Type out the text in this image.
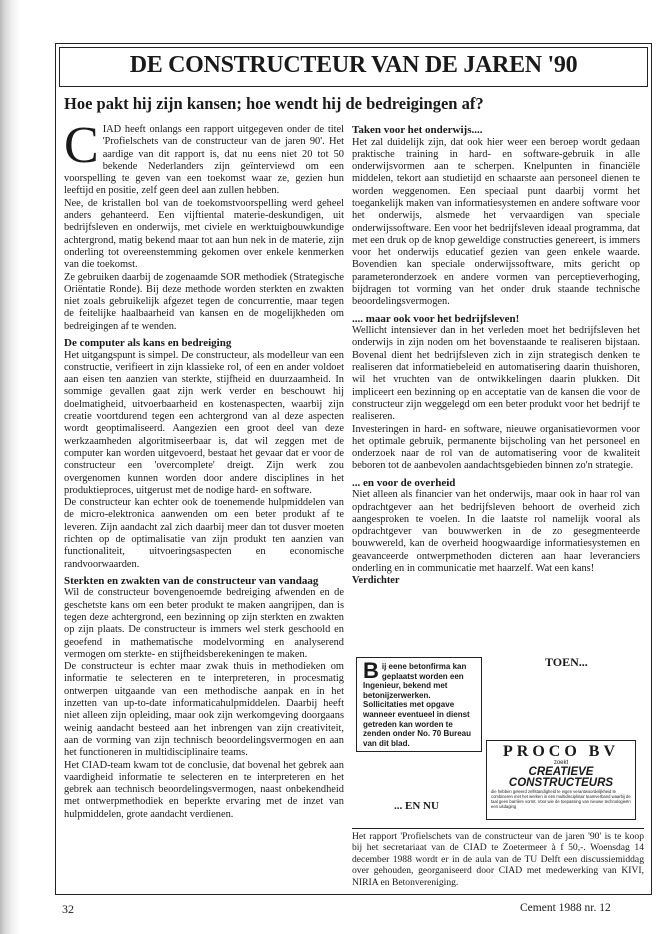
DE CONSTRUCTEUR VAN DE JAREN '90
Hoe pakt hij zijn kansen; hoe wendt hij de bedreigingen af?
C IAD heeft onlangs een rapport uitgegeven onder de titel 'Profielschets van de constructeur van de jaren 90'. Het aardige van dit rapport is, dat nu eens niet 20 tot 50 bekende Nederlanders zijn geïnterviewd om een voorspelling te geven van een toekomst waar ze, gezien hun leeftijd en positie, zelf geen deel aan zullen hebben.

Nee, de kristallen bol van de toekomstvoorspelling werd geheel anders gehanteerd. Een vijftiental materie-deskundigen, uit bedrijfsleven en onderwijs, met civiele en werktuigbouwkundige achtergrond, matig bekend maar tot aan hun nek in de materie, zijn onderling tot overeenstemming gekomen over enkele kenmerken van die toekomst.

Ze gebruiken daarbij de zogenaamde SOR methodiek (Strategische Oriëntatie Ronde). Bij deze methode worden sterkten en zwakten niet zoals gebruikelijk afgezet tegen de concurrentie, maar tegen de feitelijke haalbaarheid van kansen en de mogelijkheden om bedreigingen af te wenden.

De computer als kans en bedreiging

Het uitgangspunt is simpel. De constructeur, als modelleur van een constructie, verifieert in zijn klassieke rol, of een en ander voldoet aan eisen ten aanzien van sterkte, stijfheid en duurzaamheid. In sommige gevallen gaat zijn werk verder en beschouwt hij doelmatigheid, uitvoerbaarheid en kostenaspecten, waarbij zijn creatie voortdurend tegen een achtergrond van al deze aspecten wordt geoptimaliseerd. Aangezien een groot deel van deze werkzaamheden algoritmiseerbaar is, dat wil zeggen met de computer kan worden uitgevoerd, bestaat het gevaar dat er voor de constructeur een 'overcomplete' dreigt. Zijn werk zou overgenomen kunnen worden door andere disciplines in het produktieproces, uitgerust met de nodige hard- en software.

De constructeur kan echter ook de toenemende hulpmiddelen van de micro-elektronica aanwenden om een beter produkt af te leveren. Zijn aandacht zal zich daarbij meer dan tot dusver moeten richten op de optimalisatie van zijn produkt ten aanzien van functionaliteit, uitvoeringsaspecten en economische randvoorwaarden.

Sterkten en zwakten van de constructeur van vandaag

Wil de constructeur bovengenoemde bedreiging afwenden en de geschetste kans om een beter produkt te maken aangrijpen, dan is tegen deze achtergrond, een bezinning op zijn sterkten en zwakten op zijn plaats. De constructeur is immers wel sterk geschoold en geoefend in mathematische modelvorming en analyserend vermogen om sterkte- en stijfheidsberekeningen te maken.

De constructeur is echter maar zwak thuis in methodieken om informatie te selecteren en te interpreteren, in procesmatig ontwerpen uitgaande van een methodische aanpak en in het inzetten van up-to-date informaticahulpmiddelen. Daarbij heeft niet alleen zijn opleiding, maar ook zijn werkomgeving doorgaans weinig aandacht besteed aan het inbrengen van zijn creativiteit, aan de vorming van zijn technisch beoordelingsvermogen en aan het functioneren in multidisciplinaire teams.

Het CIAD-team kwam tot de conclusie, dat bovenal het gebrek aan vaardigheid informatie te selecteren en te interpreteren en het gebrek aan technisch beoordelingsvermogen, naast onbekendheid met ontwerpmethodiek en beperkte ervaring met de inzet van hulpmiddelen, grote aandacht verdienen.

Taken voor het onderwijs....

Het zal duidelijk zijn, dat ook hier weer een beroep wordt gedaan praktische training in hard- en software-gebruik in alle onderwijsvormen aan te scherpen. Knelpunten in financiële middelen, tekort aan studietijd en schaarste aan personeel dienen te worden weggenomen. Een speciaal punt daarbij vormt het toegankelijk maken van informatiesystemen en andere software voor het onderwijs, alsmede het vervaardigen van speciale onderwijssoftware. Een voor het bedrijfsleven ideaal programma, dat met een druk op de knop geweldige constructies genereert, is immers voor het onderwijs educatief gezien van geen enkele waarde. Bovendien kan speciale onderwijssoftware, mits gericht op parameteronderzoek en andere vormen van perceptieverhoging, bijdragen tot vorming van het onder druk staande technische beoordelingsvermogen.

.... maar ook voor het bedrijfsleven!

Wellicht intensiever dan in het verleden moet het bedrijfsleven het onderwijs in zijn noden om het bovenstaande te realiseren bijstaan. Bovenal dient het bedrijfsleven zich in zijn strategisch denken te realiseren dat informatiebeleid en automatisering daarin thuishoren, wil het vruchten van de ontwikkelingen daarin plukken. Dit impliceert een bezinning op en acceptatie van de kansen die voor de constructeur zijn weggelegd om een beter produkt voor het bedrijf te realiseren.

Investeringen in hard- en software, nieuwe organisatievormen voor het optimale gebruik, permanente bijscholing van het personeel en onderzoek naar de rol van de automatisering voor de kwaliteit beboren tot de aanbevolen aandachtsgebieden binnen zo'n strategie.

... en voor de overheid

Niet alleen als financier van het onderwijs, maar ook in haar rol van opdrachtgever aan het bedrijfsleven behoort de overheid zich aangesproken te voelen. In die laatste rol namelijk vooral als opdrachtgever van bouwwerken in de zo gesegmenteerde bouwwereld, kan de overheid hoogwaardige informatiesystemen en geavanceerde ontwerpmethoden dicteren aan haar leveranciers onderling en in communicatie met haarzelf. Wat een kans!

Verdichter

TOEN...
B ij eene betonfirma kan geplaatst worden een Ingenieur, bekend met betonijzerwerken. Sollicitaties met opgave wanneer eventueel in dienst getreden kan worden te zenden onder No. 70 Bureau van dit blad.	PROCO BV
zoekt
CREATIEVE
CONSTRUCTEURS
die hebben geleerd zelfstandigheid te eigen verantwoordelijkheid te combineren met het werken in een multidisciplinair teamverband waarbij de taal geen barrière vormt. Voor wie de toepassing van nieuwe technologieën een uitdaging
... EN NU
Het rapport 'Profielschets van de constructeur van de jaren '90' is te koop bij het secretariaat van de CIAD te Zoetermeer à f 50,-. Woensdag 14 december 1988 wordt er in de aula van de TU Delft een discussiemiddag over gehouden, georganiseerd door CIAD met medewerking van KIVI, NIRIA en Betonvereniging.
32	Cement 1988 nr. 12
